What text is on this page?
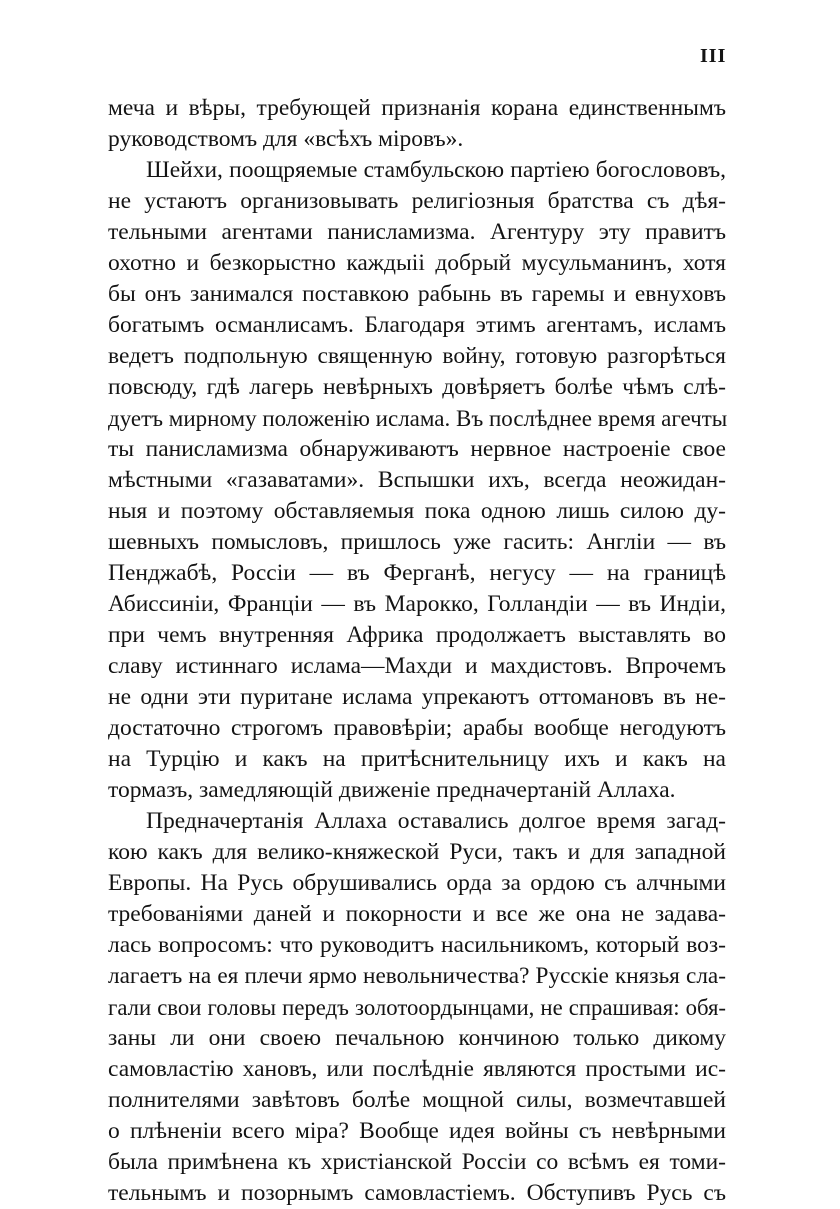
III
меча и вѣры, требующей признанія корана единственнымъ
руководствомъ для «всѣхъ міровъ».
Шейхи, поощряемые стамбульскою партіею богослововъ,
не устаютъ организовывать религіозныя братства съ дѣя-
тельными агентами панисламизма. Агентуру эту правитъ
охотно и безкорыстно каждыіі добрый мусульманинъ, хотя
бы онъ занимался поставкою рабынь въ гаремы и евнуховъ
богатымъ османлисамъ. Благодаря этимъ агентамъ, исламъ
ведетъ подпольную священную войну, готовую разгорѣться
повсюду, гдѣ лагерь невѣрныхъ довѣряетъ болѣе чѣмъ слѣ-
дуетъ мирному положенію ислама. Въ послѣднее время агечты
ты панисламизма обнаруживаютъ нервное настроеніе свое
мѣстными «газаватами». Вспышки ихъ, всегда неожидан-
ныя и поэтому обставляемыя пока одною лишь силою ду-
шевныхъ помысловъ, пришлось уже гасить: Англіи — въ
Пенджабѣ, Россіи — въ Ферганѣ, негусу — на границѣ
Абиссиніи, Франціи — въ Марокко, Голландіи — въ Индіи,
при чемъ внутренняя Африка продолжаетъ выставлять во
славу истиннаго ислама—Махди и махдистовъ. Впрочемъ
не одни эти пуритане ислама упрекаютъ оттомановъ въ не-
достаточно строгомъ правовѣріи; арабы вообще негодуютъ
на Турцію и какъ на притѣснительницу ихъ и какъ на
тормазъ, замедляющій движеніе предначертаній Аллаха.
Предначертанія Аллаха оставались долгое время загад-
кою какъ для велико-княжеской Руси, такъ и для западной
Европы. На Русь обрушивались орда за ордою съ алчными
требованіями даней и покорности и все же она не задава-
лась вопросомъ: что руководитъ насильникомъ, который воз-
лагаетъ на ея плечи ярмо невольничества? Русскіе князья сла-
гали свои головы передъ золотоордынцами, не спрашивая: обя-
заны ли они своею печальною кончиною только дикому
самовластію хановъ, или послѣдніе являются простыми ис-
полнителями завѣтовъ болѣе мощной силы, возмечтавшей
о плѣненіи всего міра? Вообще идея войны съ невѣрными
была примѣнена къ христіанской Россіи со всѣмъ ея томи-
тельнымъ и позорнымъ самовластіемъ. Обступивъ Русь съ
